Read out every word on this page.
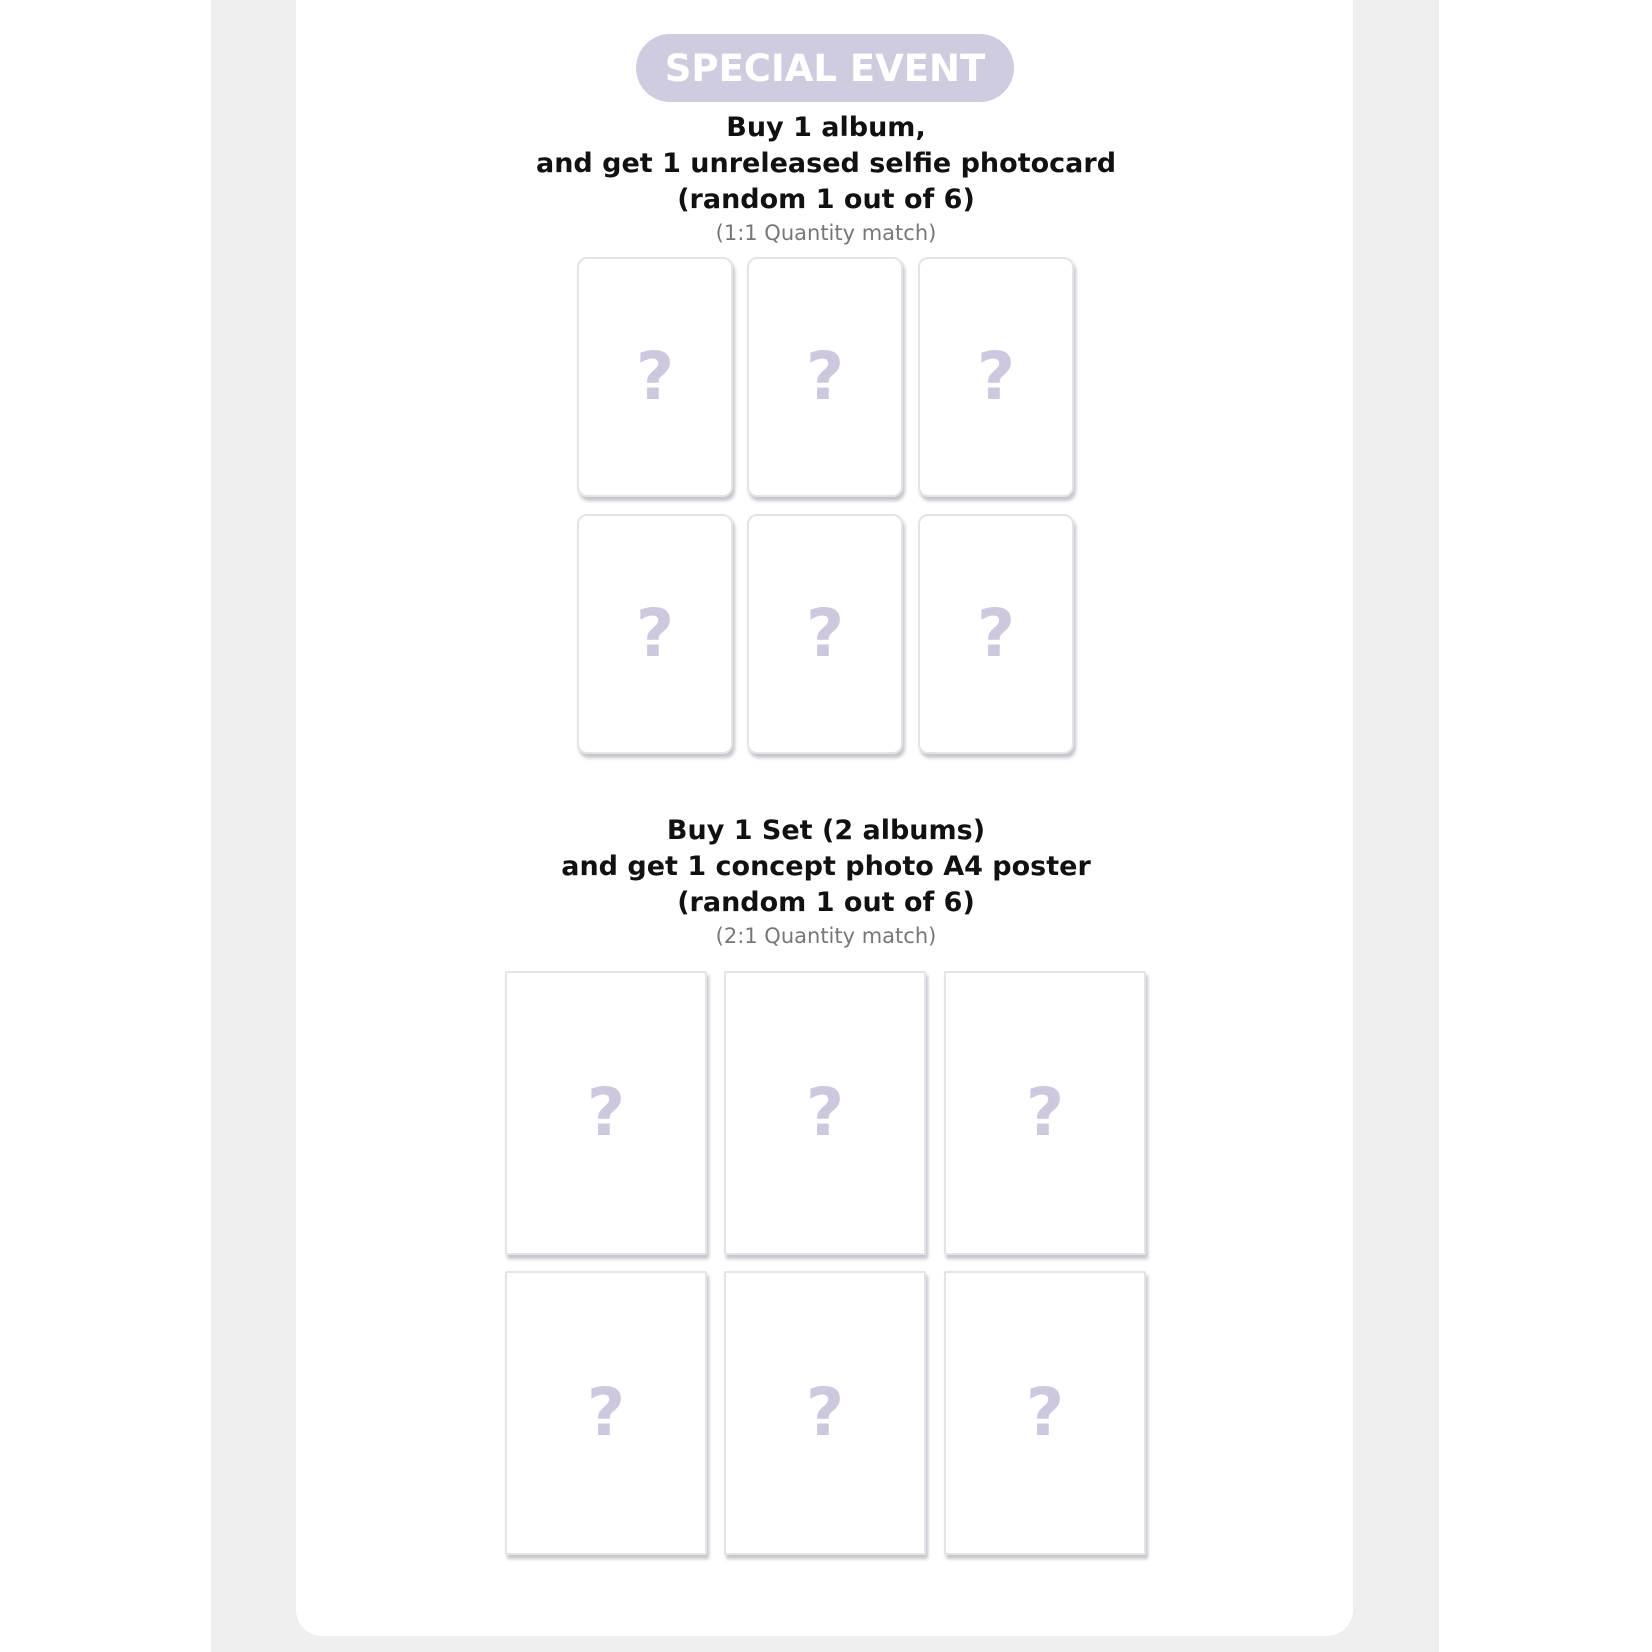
SPECIAL EVENT
Buy 1 album,
and get 1 unreleased selfie photocard
(random 1 out of 6)
(1:1 Quantity match)
? ? ?
? ? ?
Buy 1 Set (2 albums)
and get 1 concept photo A4 poster
(random 1 out of 6)
(2:1 Quantity match)
?	?	?
?	?	?
